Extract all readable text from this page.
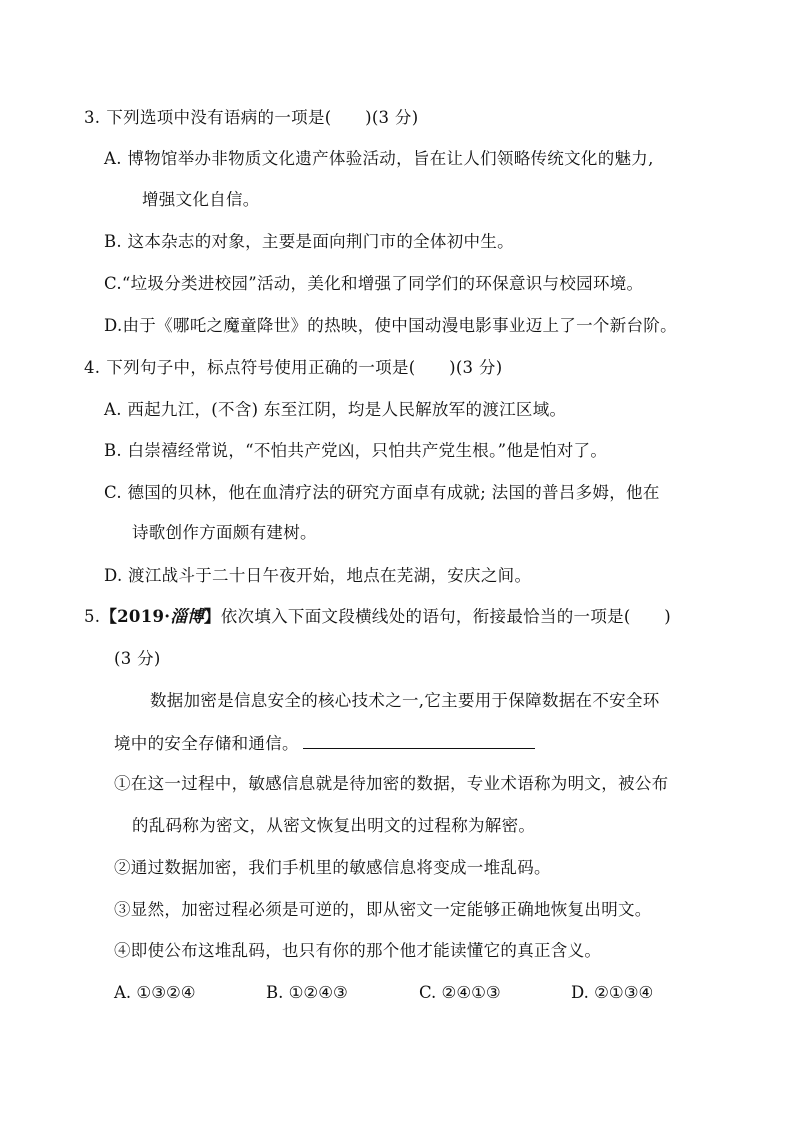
3. 下列选项中没有语病的一项是(　　)(3 分)
A. 博物馆举办非物质文化遗产体验活动，旨在让人们领略传统文化的魅力,
增强文化自信。
B. 这本杂志的对象，主要是面向荆门市的全体初中生。
C.“垃圾分类进校园”活动，美化和增强了同学们的环保意识与校园环境。
D.由于《哪吒之魔童降世》的热映，使中国动漫电影事业迈上了一个新台阶。
4. 下列句子中，标点符号使用正确的一项是(　　)(3 分)
A. 西起九江，(不含) 东至江阴，均是人民解放军的渡江区域。
B. 白崇禧经常说，“不怕共产党凶，只怕共产党生根。”他是怕对了。
C. 德国的贝林，他在血清疗法的研究方面卓有成就; 法国的普吕多姆，他在
诗歌创作方面颇有建树。
D. 渡江战斗于二十日午夜开始，地点在芜湖，安庆之间。
5.【2019·淄博】依次填入下面文段横线处的语句，衔接最恰当的一项是(　　)
(3 分)
数据加密是信息安全的核心技术之一,它主要用于保障数据在不安全环
境中的安全存储和通信。
①在这一过程中，敏感信息就是待加密的数据，专业术语称为明文，被公布
的乱码称为密文，从密文恢复出明文的过程称为解密。
②通过数据加密，我们手机里的敏感信息将变成一堆乱码。
③显然，加密过程必须是可逆的，即从密文一定能够正确地恢复出明文。
④即使公布这堆乱码，也只有你的那个他才能读懂它的真正含义。
A. ①③②④	B. ①②④③	C. ②④①③	D. ②①③④
